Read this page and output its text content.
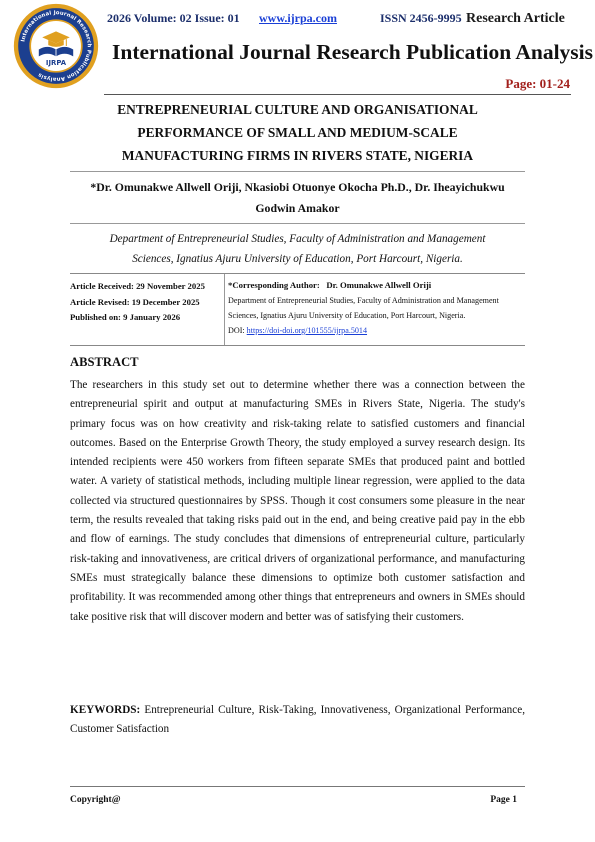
International Journal Research Publication Analysis
IJRPA
2026 Volume: 02 Issue: 01 www.ijrpa.com	ISSN 2456-9995 Research Article
International Journal Research Publication Analysis
Page: 01-24
ENTREPRENEURIAL CULTURE AND ORGANISATIONAL
PERFORMANCE OF SMALL AND MEDIUM-SCALE
MANUFACTURING FIRMS IN RIVERS STATE, NIGERIA
*Dr. Omunakwe Allwell Oriji, Nkasiobi Otuonye Okocha Ph.D., Dr. Iheayichukwu
Godwin Amakor
Department of Entrepreneurial Studies, Faculty of Administration and Management
Sciences, Ignatius Ajuru University of Education, Port Harcourt, Nigeria.
Article Received: 29 November 2025
Article Revised: 19 December 2025
Published on: 9 January 2026
*Corresponding Author: Dr. Omunakwe Allwell Oriji
Department of Entrepreneurial Studies, Faculty of Administration and Management
Sciences, Ignatius Ajuru University of Education, Port Harcourt, Nigeria.
DOI: https://doi-doi.org/101555/ijrpa.5014
ABSTRACT
The researchers in this study set out to determine whether there was a connection between the entrepreneurial spirit and output at manufacturing SMEs in Rivers State, Nigeria. The study's primary focus was on how creativity and risk-taking relate to satisfied customers and financial outcomes. Based on the Enterprise Growth Theory, the study employed a survey research design. Its intended recipients were 450 workers from fifteen separate SMEs that produced paint and bottled water. A variety of statistical methods, including multiple linear regression, were applied to the data collected via structured questionnaires by SPSS. Though it cost consumers some pleasure in the near term, the results revealed that taking risks paid out in the end, and being creative paid pay in the ebb and flow of earnings. The study concludes that dimensions of entrepreneurial culture, particularly risk-taking and innovativeness, are critical drivers of organizational performance, and manufacturing SMEs must strategically balance these dimensions to optimize both customer satisfaction and profitability. It was recommended among other things that entrepreneurs and owners in SMEs should take positive risk that will discover modern and better was of satisfying their customers.
KEYWORDS: Entrepreneurial Culture, Risk-Taking, Innovativeness, Organizational Performance, Customer Satisfaction
Copyright@	Page 1
